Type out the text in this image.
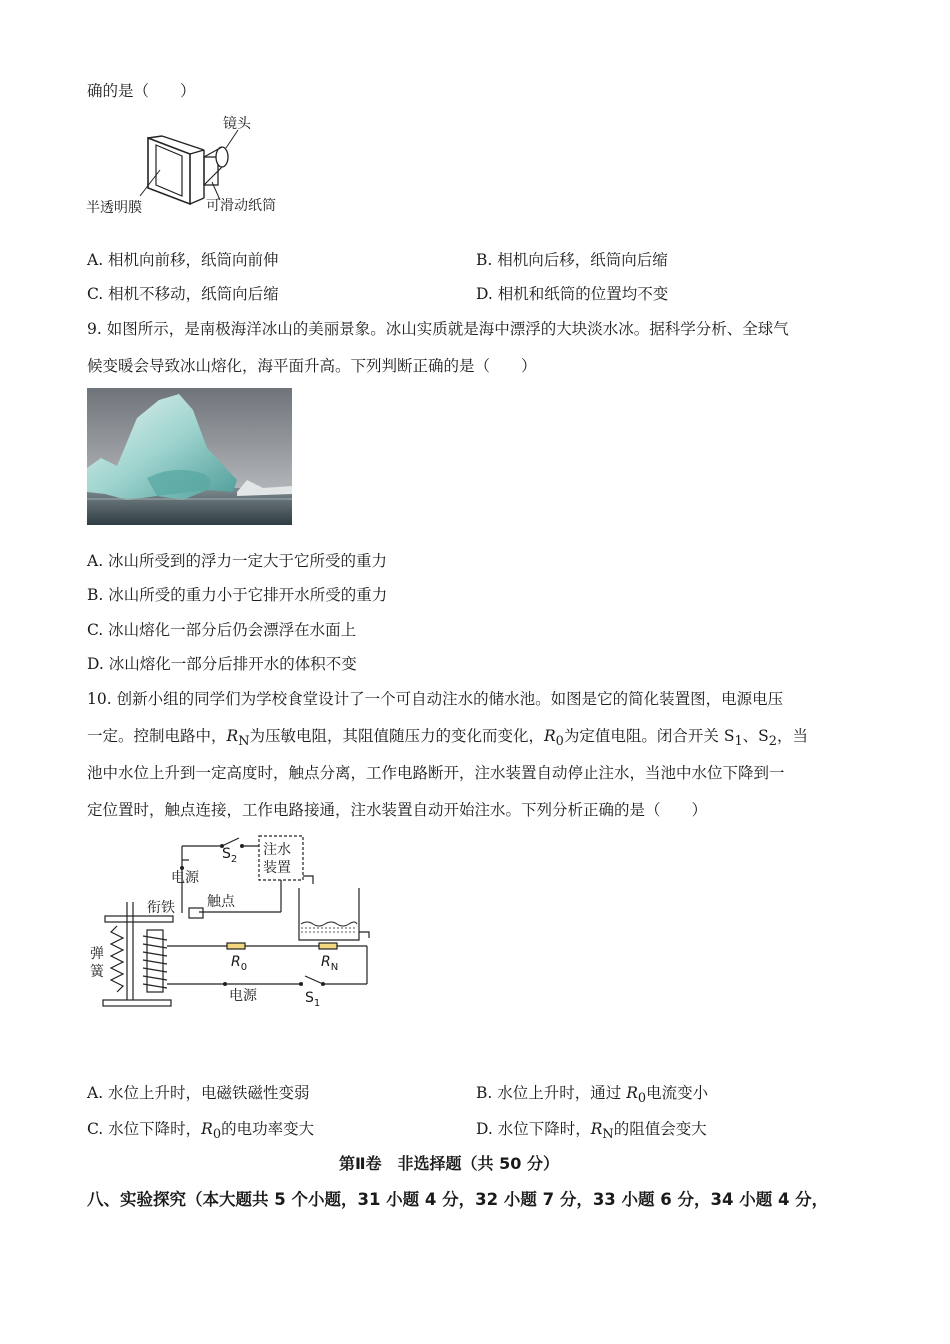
确的是（　　）
镜头
半透明膜	可滑动纸筒
A. 相机向前移，纸筒向前伸	B. 相机向后移，纸筒向后缩
C. 相机不移动，纸筒向后缩	D. 相机和纸筒的位置均不变
9. 如图所示，是南极海洋冰山的美丽景象。冰山实质就是海中漂浮的大块淡水冰。据科学分析、全球气
候变暖会导致冰山熔化，海平面升高。下列判断正确的是（　　）
A. 冰山所受到的浮力一定大于它所受的重力
B. 冰山所受的重力小于它排开水所受的重力
C. 冰山熔化一部分后仍会漂浮在水面上
D. 冰山熔化一部分后排开水的体积不变
10. 创新小组的同学们为学校食堂设计了一个可自动注水的储水池。如图是它的简化装置图，电源电压
一定。控制电路中，$R_N$为压敏电阻，其阻值随压力的变化而变化，$R_0$为定值电阻。闭合开关 $S_1$、$S_2$，当
池中水位上升到一定高度时，触点分离，工作电路断开，注水装置自动停止注水，当池中水位下降到一
定位置时，触点连接，工作电路接通，注水装置自动开始注水。下列分析正确的是（　　）
$S_2$
电源
注水
装置
触点
衔铁
弹
簧
$R_0$	$R_N$
电源	$S_1$
A. 水位上升时，电磁铁磁性变弱	B. 水位上升时，通过 $R_0$电流变小
C. 水位下降时，$R_0$的电功率变大	D. 水位下降时，$R_N$的阻值会变大
第Ⅱ卷　非选择题（共 50 分）
八、实验探究（本大题共 5 个小题，31 小题 4 分，32 小题 7 分，33 小题 6 分，34 小题 4 分，
